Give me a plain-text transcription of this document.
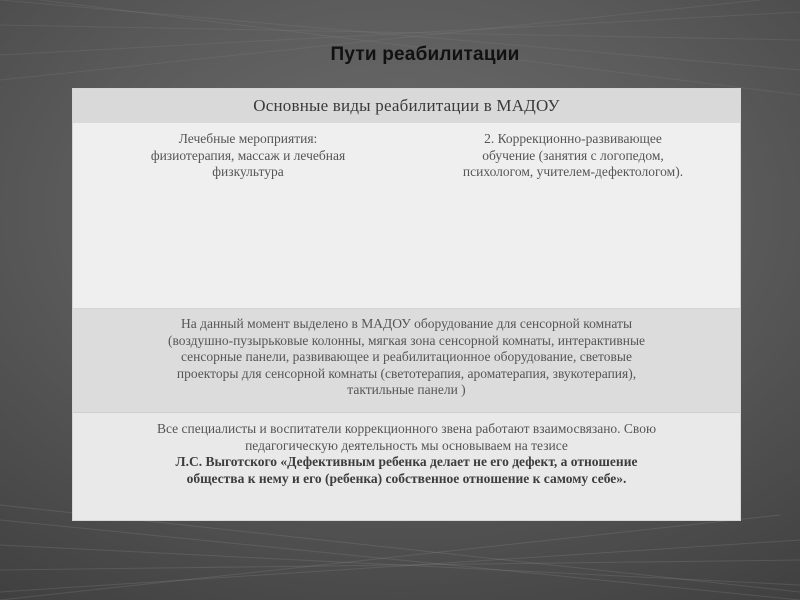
Пути реабилитации
Основные виды реабилитации в МАДОУ
Лечебные мероприятия:
физиотерапия, массаж и лечебная
физкультура
2. Коррекционно-развивающее
обучение (занятия с логопедом,
психологом, учителем-дефектологом).
На данный момент выделено в МАДОУ оборудование для сенсорной комнаты
(воздушно-пузырьковые колонны, мягкая зона сенсорной комнаты, интерактивные
сенсорные панели, развивающее и реабилитационное оборудование, световые
проекторы для сенсорной комнаты (светотерапия, ароматерапия, звукотерапия),
тактильные панели )
Все специалисты и воспитатели коррекционного звена работают взаимосвязано. Свою
педагогическую деятельность мы основываем на тезисе
Л.С. Выготского «Дефективным ребенка делает не его дефект, а отношение
общества к нему и его (ребенка) собственное отношение к самому себе».
